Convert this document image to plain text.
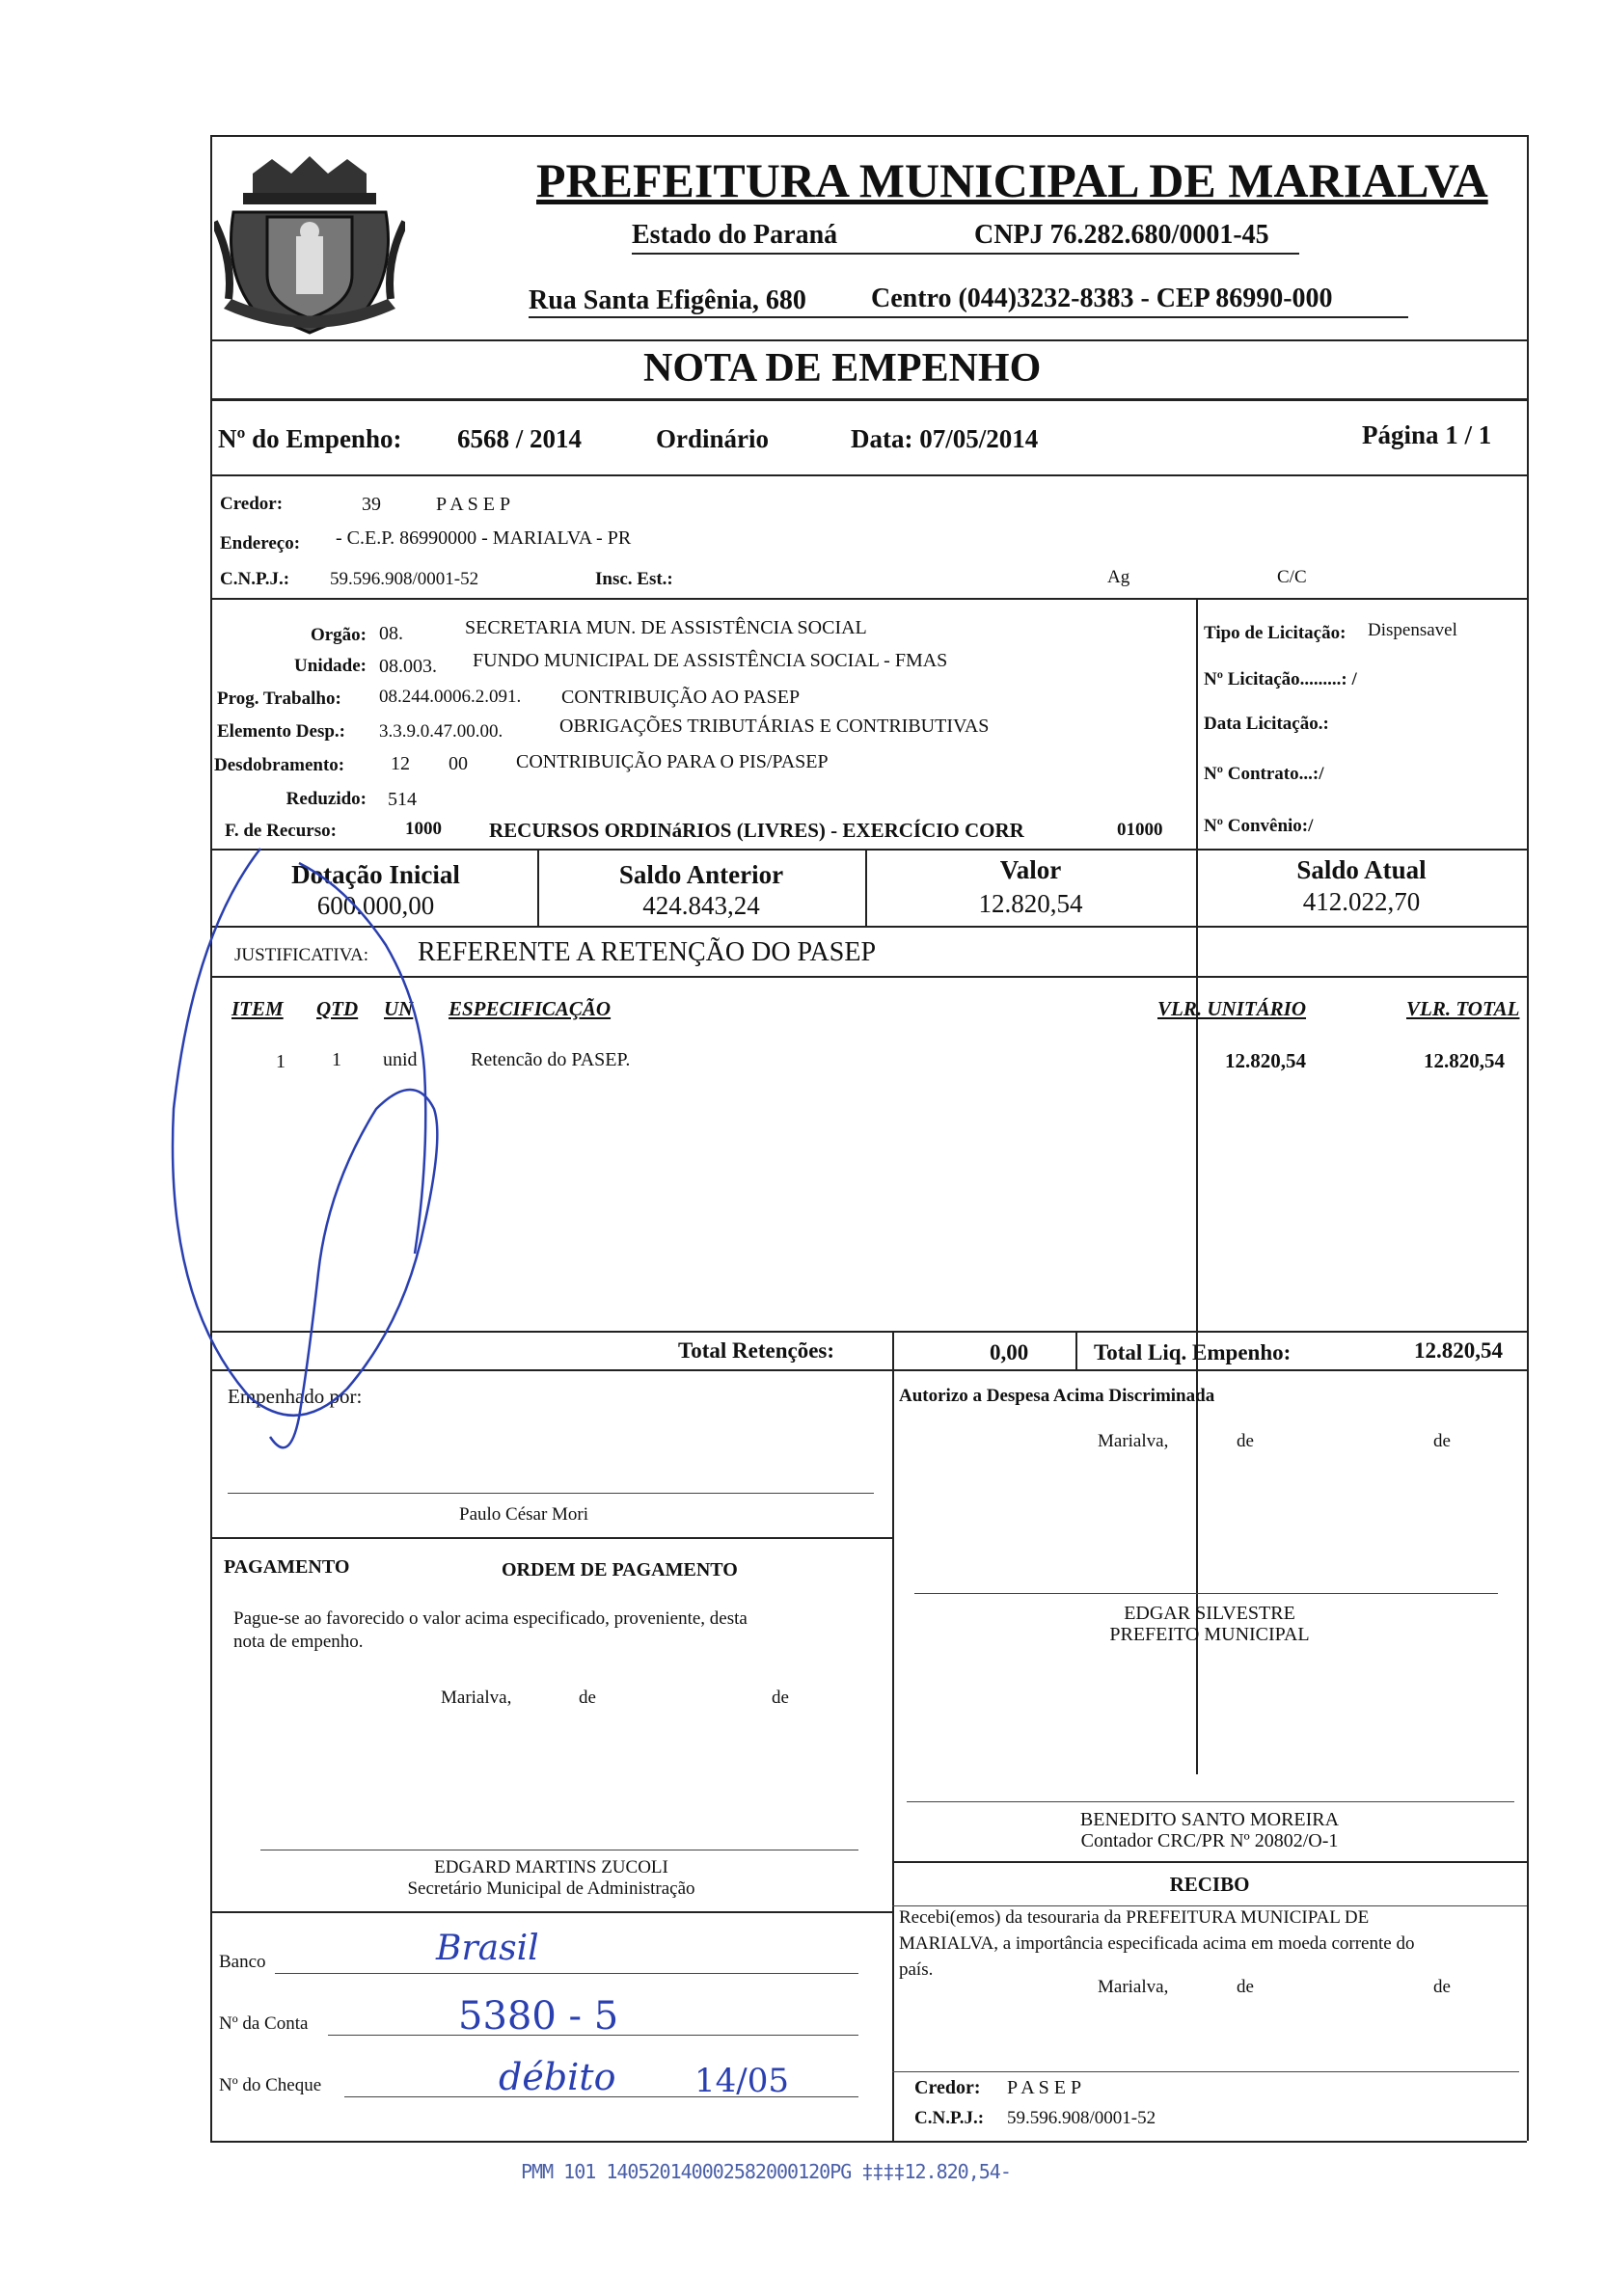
PREFEITURA MUNICIPAL DE MARIALVA
Estado do Paraná	CNPJ 76.282.680/0001-45
Rua Santa Efigênia, 680 Centro (044)3232-8383 - CEP 86990-000
NOTA DE EMPENHO
Nº do Empenho: 6568 / 2014	Ordinário	Data: 07/05/2014	Página 1 / 1
Credor:	39	P A S E P
Endereço: - C.E.P. 86990000 - MARIALVA - PR
C.N.P.J.: 59.596.908/0001-52	Insc. Est.:	Ag	C/C
Orgão: 08.	SECRETARIA MUN. DE ASSISTÊNCIA SOCIAL
Unidade: 08.003. FUNDO MUNICIPAL DE ASSISTÊNCIA SOCIAL - FMAS
Prog. Trabalho: 08.244.0006.2.091. CONTRIBUIÇÃO AO PASEP
Elemento Desp.: 3.3.9.0.47.00.00.	OBRIGAÇÕES TRIBUTÁRIAS E CONTRIBUTIVAS
Desdobramento: 12 00	CONTRIBUIÇÃO PARA O PIS/PASEP
Reduzido: 514
F. de Recurso:	1000 RECURSOS ORDINáRIOS (LIVRES) - EXERCÍCIO CORR	01000
Tipo de Licitação: Dispensavel
Nº Licitação.........: /
Data Licitação.:
Nº Contrato...:/
Nº Convênio:/
Dotação Inicial
600.000,00
Saldo Anterior
424.843,24
Valor
12.820,54
Saldo Atual
412.022,70
JUSTIFICATIVA: REFERENTE A RETENÇÃO DO PASEP
ITEM QTD UN ESPECIFICAÇÃO	VLR. UNITÁRIO	VLR. TOTAL
1 1 unid	Retencão do PASEP.	12.820,54	12.820,54
Total Retenções:	0,00	Total Liq. Empenho:	12.820,54
Empenhado por:
Paulo César Mori
Autorizo a Despesa Acima Discriminada
Marialva,	de	de
EDGAR SILVESTRE
PREFEITO MUNICIPAL
PAGAMENTO	ORDEM DE PAGAMENTO
Pague-se ao favorecido o valor acima especificado, proveniente, desta
nota de empenho.
Marialva,	de	de
BENEDITO SANTO MOREIRA
Contador CRC/PR Nº 20802/O-1
EDGARD MARTINS ZUCOLI
Secretário Municipal de Administração	RECIBO
Recebi(emos) da tesouraria da PREFEITURA MUNICIPAL DE
MARIALVA, a importância especificada acima em moeda corrente do
país.
Marialva,	de	de
Credor: P A S E P
C.N.P.J.: 59.596.908/0001-52
Banco	Brasil
Nº da Conta	5380 - 5
Nº do Cheque	débito 14/05
PMM 101 140520140002582000120PG ‡‡‡‡12.820,54-
